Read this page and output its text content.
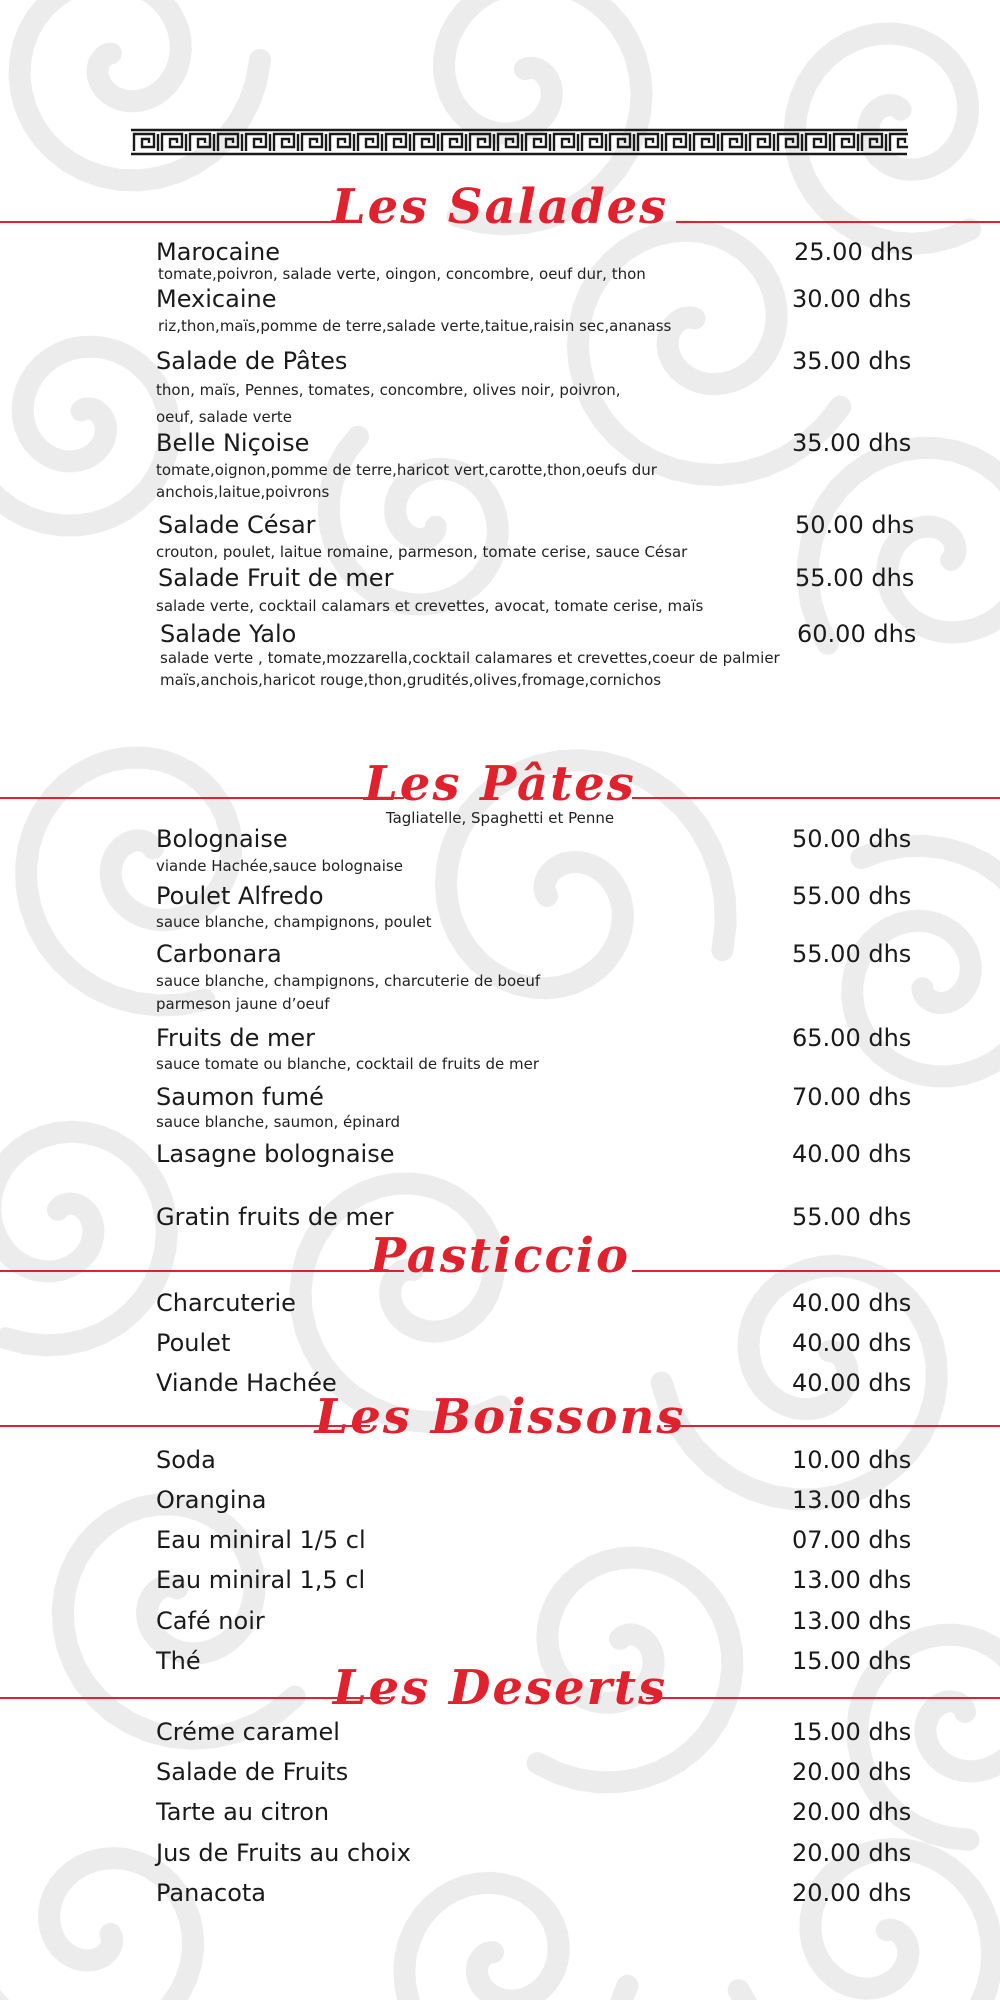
Les Salades
Marocaine
tomate,poivron, salade verte, oingon, concombre, oeuf dur, thon
25.00 dhs
Mexicaine
riz,thon,maïs,pomme de terre,salade verte,taitue,raisin sec,ananass
30.00 dhs
Salade de Pâtes
thon, maïs, Pennes, tomates, concombre, olives noir, poivron,
oeuf, salade verte
35.00 dhs
Belle Niçoise
tomate,oignon,pomme de terre,haricot vert,carotte,thon,oeufs dur
anchois,laitue,poivrons
35.00 dhs
Salade César
crouton, poulet, laitue romaine, parmeson, tomate cerise, sauce César
50.00 dhs
Salade Fruit de mer
salade verte, cocktail calamars et crevettes, avocat, tomate cerise, maïs
55.00 dhs
Salade Yalo
salade verte , tomate,mozzarella,cocktail calamares et crevettes,coeur de palmier
maïs,anchois,haricot rouge,thon,grudités,olives,fromage,cornichos
60.00 dhs
Les Pâtes
Tagliatelle, Spaghetti et Penne
Bolognaise
viande Hachée,sauce bolognaise
50.00 dhs
Poulet Alfredo
sauce blanche, champignons, poulet
55.00 dhs
Carbonara
sauce blanche, champignons, charcuterie de boeuf
parmeson jaune d’oeuf
55.00 dhs
Fruits de mer
sauce tomate ou blanche, cocktail de fruits de mer
65.00 dhs
Saumon fumé
sauce blanche, saumon, épinard
70.00 dhs
Lasagne bolognaise	40.00 dhs
Gratin fruits de mer	55.00 dhs
Pasticcio
Charcuterie	40.00 dhs
Poulet	40.00 dhs
Viande Hachée	40.00 dhs
Les Boissons
Soda	10.00 dhs
Orangina	13.00 dhs
Eau miniral 1/5 cl	07.00 dhs
Eau miniral 1,5 cl	13.00 dhs
Café noir	13.00 dhs
Thé	15.00 dhs
Les Deserts
Créme caramel	15.00 dhs
Salade de Fruits	20.00 dhs
Tarte au citron	20.00 dhs
Jus de Fruits au choix	20.00 dhs
Panacota	20.00 dhs
